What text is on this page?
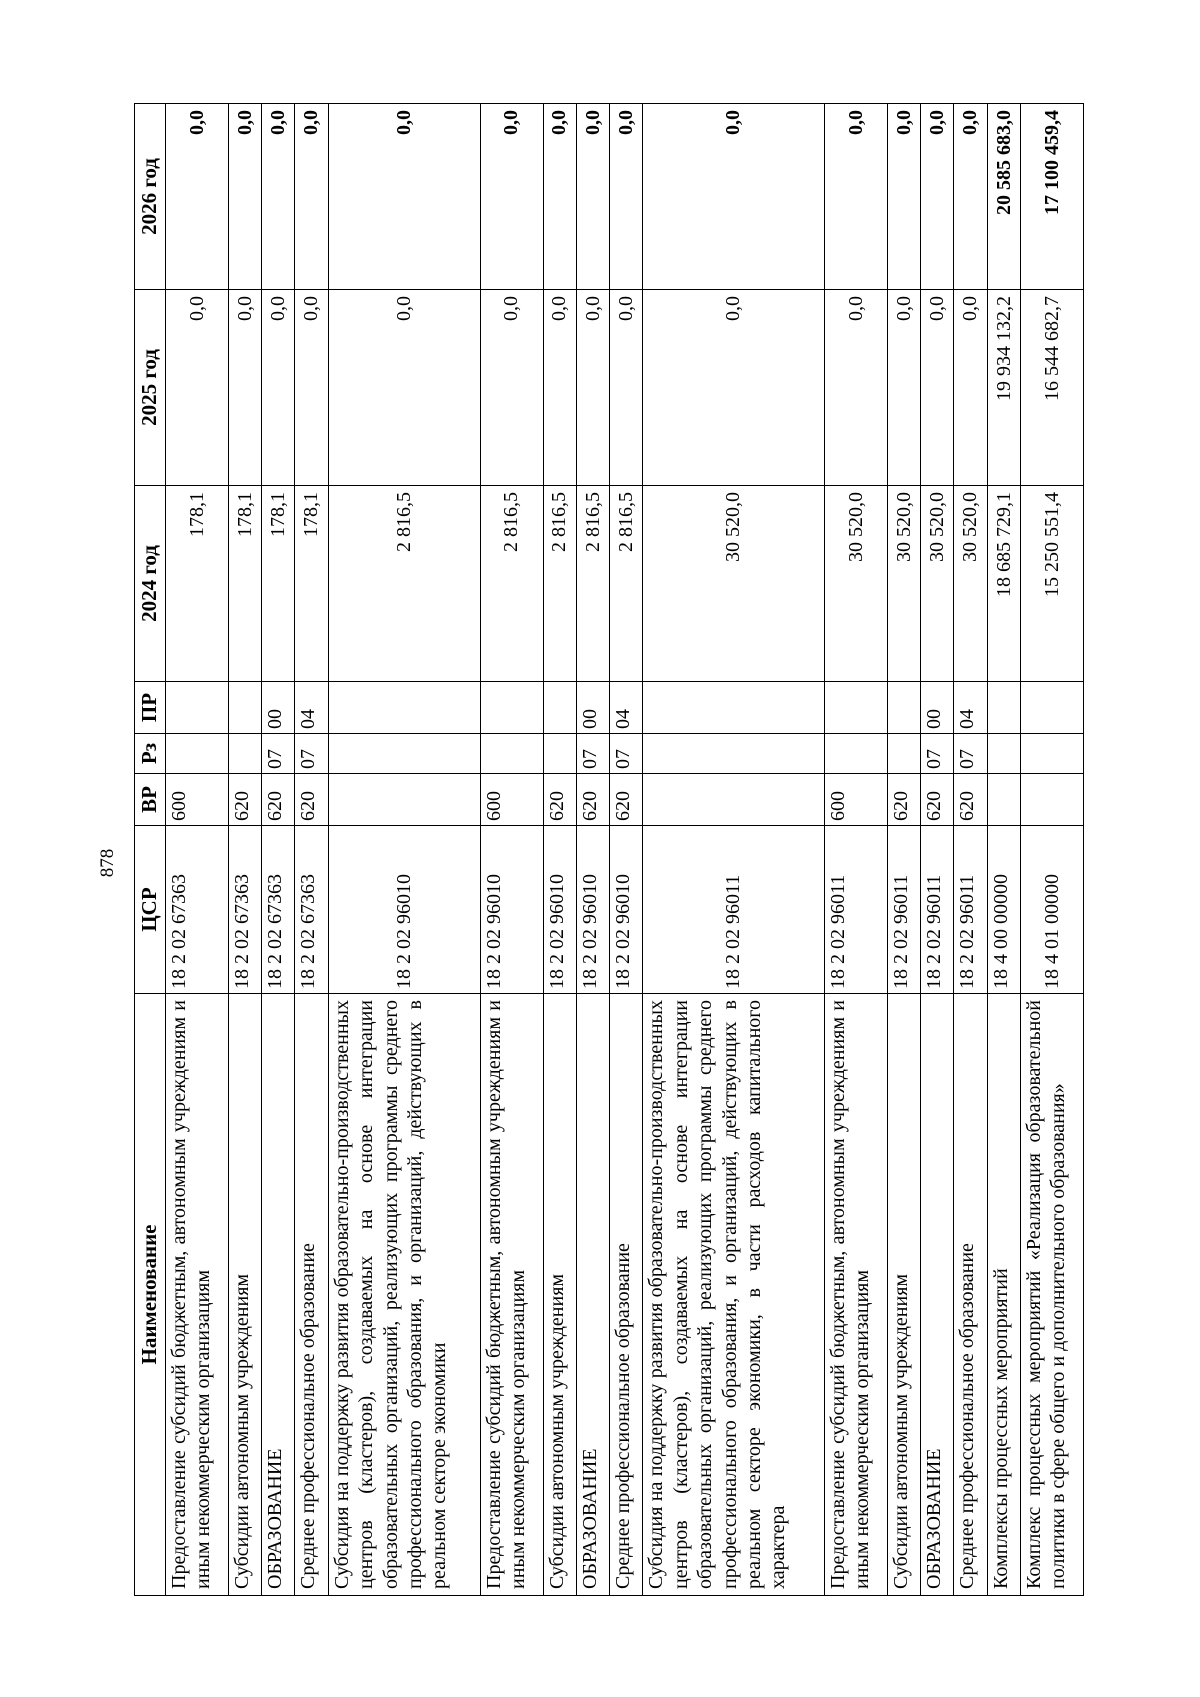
878
Наименование	ЦСР	ВР	Рз	ПР	2024 год	2025 год	2026 год
Предоставление субсидий бюджетным, автономным учреждениям и иным некоммерческим организациям	18 2 02 67363	600			178,1	0,0	0,0
Субсидии автономным учреждениям	18 2 02 67363	620			178,1	0,0	0,0
ОБРАЗОВАНИЕ	18 2 02 67363	620	07	00	178,1	0,0	0,0
Среднее профессиональное образование	18 2 02 67363	620	07	04	178,1	0,0	0,0
Субсидия на поддержку развития образовательно-производственных центров (кластеров), создаваемых на основе интеграции образовательных организаций, реализующих программы среднего профессионального образования, и организаций, действующих в реальном секторе экономики	18 2 02 96010				2 816,5	0,0	0,0
Предоставление субсидий бюджетным, автономным учреждениям и иным некоммерческим организациям	18 2 02 96010	600			2 816,5	0,0	0,0
Субсидии автономным учреждениям	18 2 02 96010	620			2 816,5	0,0	0,0
ОБРАЗОВАНИЕ	18 2 02 96010	620	07	00	2 816,5	0,0	0,0
Среднее профессиональное образование	18 2 02 96010	620	07	04	2 816,5	0,0	0,0
Субсидия на поддержку развития образовательно-производственных центров (кластеров), создаваемых на основе интеграции образовательных организаций, реализующих программы среднего профессионального образования, и организаций, действующих в реальном секторе экономики, в части расходов капитального характера	18 2 02 96011				30 520,0	0,0	0,0
Предоставление субсидий бюджетным, автономным учреждениям и иным некоммерческим организациям	18 2 02 96011	600			30 520,0	0,0	0,0
Субсидии автономным учреждениям	18 2 02 96011	620			30 520,0	0,0	0,0
ОБРАЗОВАНИЕ	18 2 02 96011	620	07	00	30 520,0	0,0	0,0
Среднее профессиональное образование	18 2 02 96011	620	07	04	30 520,0	0,0	0,0
Комплексы процессных мероприятий	18 4 00 00000				18 685 729,1	19 934 132,2	20 585 683,0
Комплекс процессных мероприятий «Реализация образовательной политики в сфере общего и дополнительного образования»	18 4 01 00000				15 250 551,4	16 544 682,7	17 100 459,4
